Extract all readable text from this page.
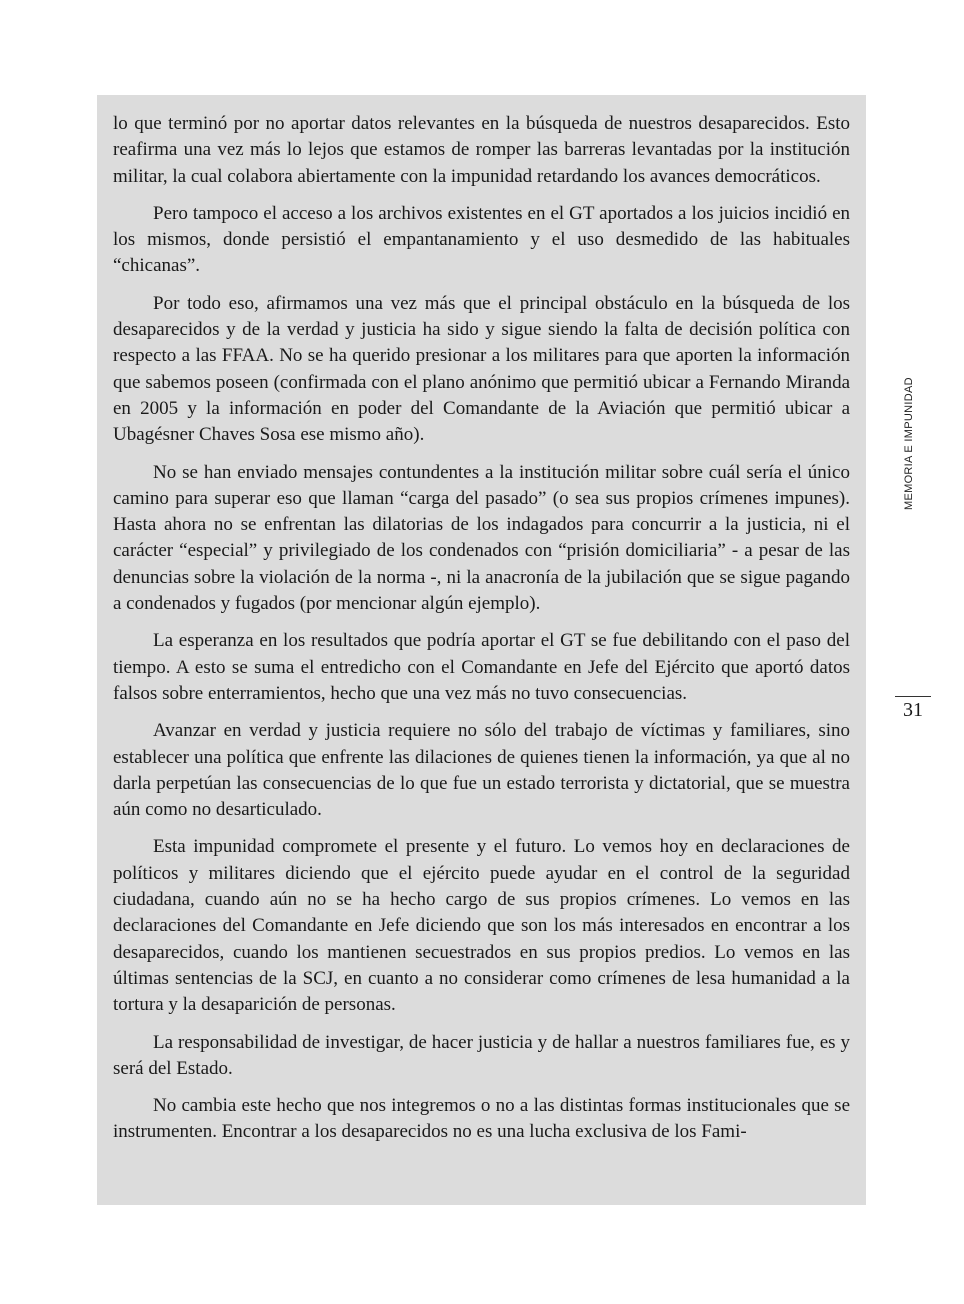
lo que terminó por no aportar datos relevantes en la búsqueda de nuestros desaparecidos. Esto reafirma una vez más lo lejos que estamos de romper las barreras levantadas por la institución militar, la cual colabora abiertamente con la impunidad retardando los avances democráticos.

Pero tampoco el acceso a los archivos existentes en el GT aportados a los juicios incidió en los mismos, donde persistió el empantanamiento y el uso desmedido de las habituales “chicanas”.

Por todo eso, afirmamos una vez más que el principal obstáculo en la búsqueda de los desaparecidos y de la verdad y justicia ha sido y sigue siendo la falta de decisión política con respecto a las FFAA. No se ha querido presionar a los militares para que aporten la información que sabemos poseen (confirmada con el plano anónimo que permitió ubicar a Fernando Miranda en 2005 y la información en poder del Comandante de la Aviación que permitió ubicar a Ubagésner Chaves Sosa ese mismo año).

No se han enviado mensajes contundentes a la institución militar sobre cuál sería el único camino para superar eso que llaman “carga del pasado” (o sea sus propios crímenes impunes). Hasta ahora no se enfrentan las dilatorias de los indagados para concurrir a la justicia, ni el carácter “especial” y privilegiado de los condenados con “prisión domiciliaria” - a pesar de las denuncias sobre la violación de la norma -, ni la anacronía de la jubilación que se sigue pagando a condenados y fugados (por mencionar algún ejemplo).

La esperanza en los resultados que podría aportar el GT se fue debilitando con el paso del tiempo. A esto se suma el entredicho con el Comandante en Jefe del Ejército que aportó datos falsos sobre enterramientos, hecho que una vez más no tuvo consecuencias.

Avanzar en verdad y justicia requiere no sólo del trabajo de víctimas y familiares, sino establecer una política que enfrente las dilaciones de quienes tienen la información, ya que al no darla perpetúan las consecuencias de lo que fue un estado terrorista y dictatorial, que se muestra aún como no desarticulado.

Esta impunidad compromete el presente y el futuro. Lo vemos hoy en declaraciones de políticos y militares diciendo que el ejército puede ayudar en el control de la seguridad ciudadana, cuando aún no se ha hecho cargo de sus propios crímenes. Lo vemos en las declaraciones del Comandante en Jefe diciendo que son los más interesados en encontrar a los desaparecidos, cuando los mantienen secuestrados en sus propios predios. Lo vemos en las últimas sentencias de la SCJ, en cuanto a no considerar como crímenes de lesa humanidad a la tortura y la desaparición de personas.

La responsabilidad de investigar, de hacer justicia y de hallar a nuestros familiares fue, es y será del Estado.

No cambia este hecho que nos integremos o no a las distintas formas institucionales que se instrumenten. Encontrar a los desaparecidos no es una lucha exclusiva de los Fami-

MEMORIA E IMPUNIDAD
31
